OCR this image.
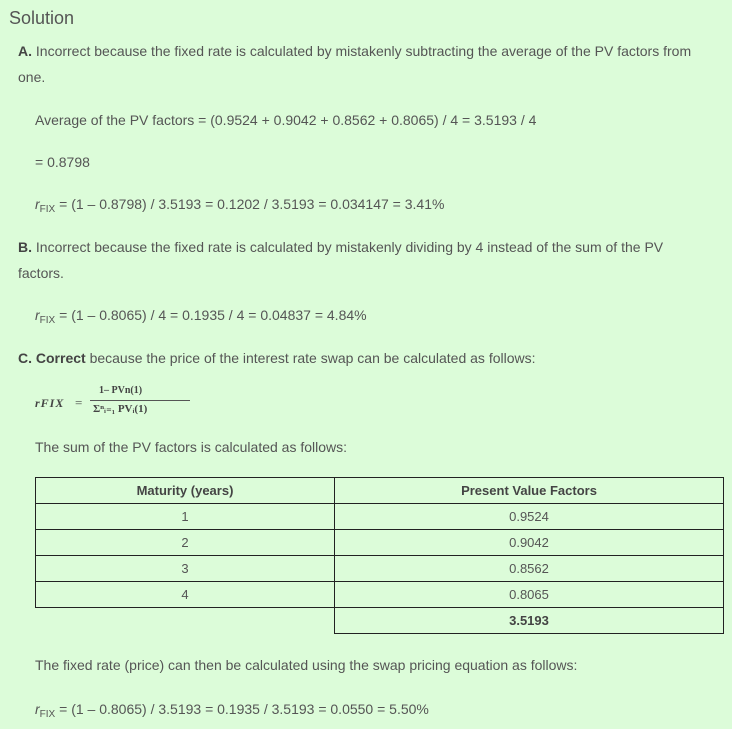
Solution
A. Incorrect because the fixed rate is calculated by mistakenly subtracting the average of the PV factors from one.
Average of the PV factors = (0.9524 + 0.9042 + 0.8562 + 0.8065) / 4 = 3.5193 / 4
= 0.8798
$r_{FIX} = (1 - 0.8798) / 3.5193 = 0.1202 / 3.5193 = 0.034147 = 3.41\%$
B. Incorrect because the fixed rate is calculated by mistakenly dividing by 4 instead of the sum of the PV factors.
$r_{FIX} = (1 - 0.8065) / 4 = 0.1935 / 4 = 0.04837 = 4.84\%$
C. Correct because the price of the interest rate swap can be calculated as follows:
rFIX =
1– PVn(1)
Σⁿᵢ₌₁ PVᵢ(1)
The sum of the PV factors is calculated as follows:
Maturity (years)	Present Value Factors
1	0.9524
2	0.9042
3	0.8562
4	0.8065
	3.5193
The fixed rate (price) can then be calculated using the swap pricing equation as follows:
$r_{FIX} = (1 - 0.8065) / 3.5193 = 0.1935 / 3.5193 = 0.0550 = 5.50\%$
